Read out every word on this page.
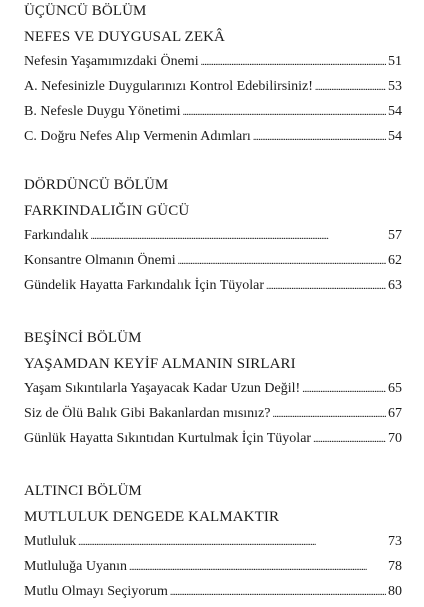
ÜÇÜNCÜ BÖLÜM
NEFES VE DUYGUSAL ZEKÂ
Nefesin Yaşamımızdaki Önemi . . .	51
A. Nefesinizle Duygularınızı Kontrol Edebilirsiniz! . . .	53
B. Nefesle Duygu Yönetimi . . .	54
C. Doğru Nefes Alıp Vermenin Adımları . . .	54
DÖRDÜNCÜ BÖLÜM
FARKINDALIĞIN GÜCÜ
Farkındalık . . .	57
Konsantre Olmanın Önemi . . .	62
Gündelik Hayatta Farkındalık İçin Tüyolar . . .	63
BEŞİNCİ BÖLÜM
YAŞAMDAN KEYİF ALMANIN SIRLARI
Yaşam Sıkıntılarla Yaşayacak Kadar Uzun Değil! . . .	65
Siz de Ölü Balık Gibi Bakanlardan mısınız? . . .	67
Günlük Hayatta Sıkıntıdan Kurtulmak İçin Tüyolar . . .	70
ALTINCI BÖLÜM
MUTLULUK DENGEDE KALMAKTIR
Mutluluk . . .	73
Mutluluğa Uyanın . . .	78
Mutlu Olmayı Seçiyorum . . .	80
